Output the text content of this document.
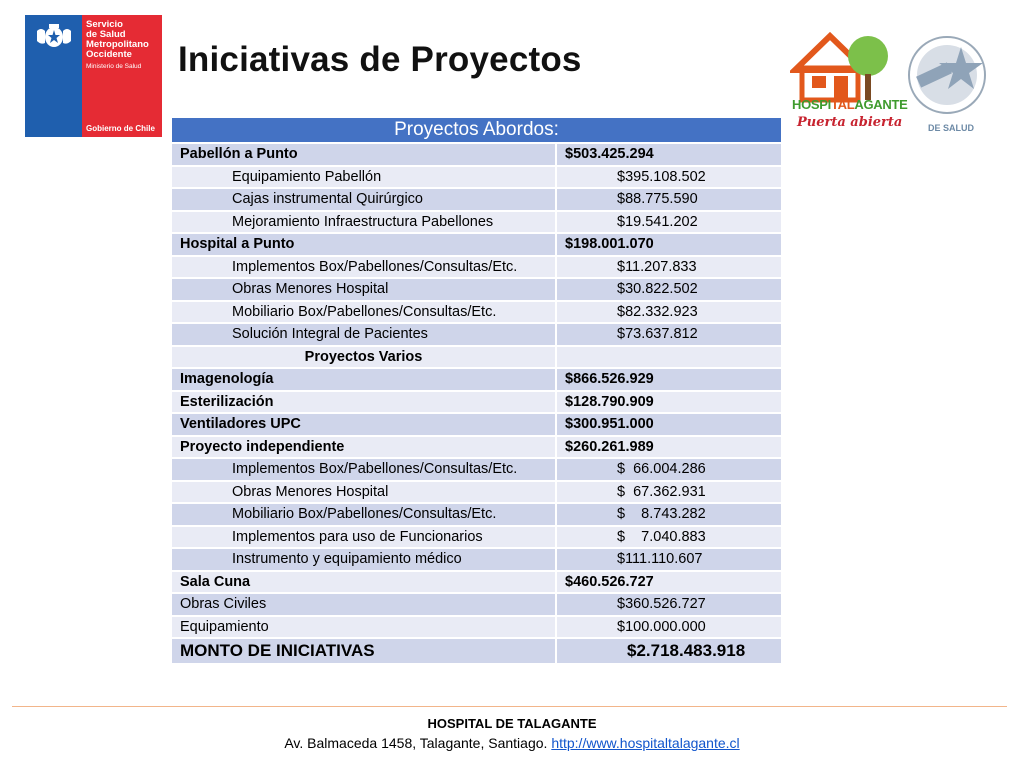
Servicio
de Salud
Metropolitano
Occidente
Ministerio de Salud
Gobierno de Chile
Iniciativas de Proyectos
HOSPITALAGANTE
Puerta abierta	DE SALUD
Proyectos Abordos:	
Pabellón a Punto	$503.425.294
Equipamiento Pabellón	$395.108.502
Cajas instrumental Quirúrgico	$88.775.590
Mejoramiento Infraestructura Pabellones	$19.541.202
Hospital a Punto	$198.001.070
Implementos Box/Pabellones/Consultas/Etc.	$11.207.833
Obras Menores Hospital	$30.822.502
Mobiliario Box/Pabellones/Consultas/Etc.	$82.332.923
Solución Integral de Pacientes	$73.637.812
Proyectos Varios	
Imagenología	$866.526.929
Esterilización	$128.790.909
Ventiladores UPC	$300.951.000
Proyecto independiente	$260.261.989
Implementos Box/Pabellones/Consultas/Etc.	$  66.004.286
Obras Menores Hospital	$  67.362.931
Mobiliario Box/Pabellones/Consultas/Etc.	$    8.743.282
Implementos para uso de Funcionarios	$    7.040.883
Instrumento y equipamiento médico	$111.110.607
Sala Cuna	$460.526.727
Obras Civiles	$360.526.727
Equipamiento	$100.000.000
MONTO DE INICIATIVAS	$2.718.483.918
HOSPITAL DE TALAGANTE
Av. Balmaceda 1458, Talagante, Santiago. http://www.hospitaltalagante.cl
